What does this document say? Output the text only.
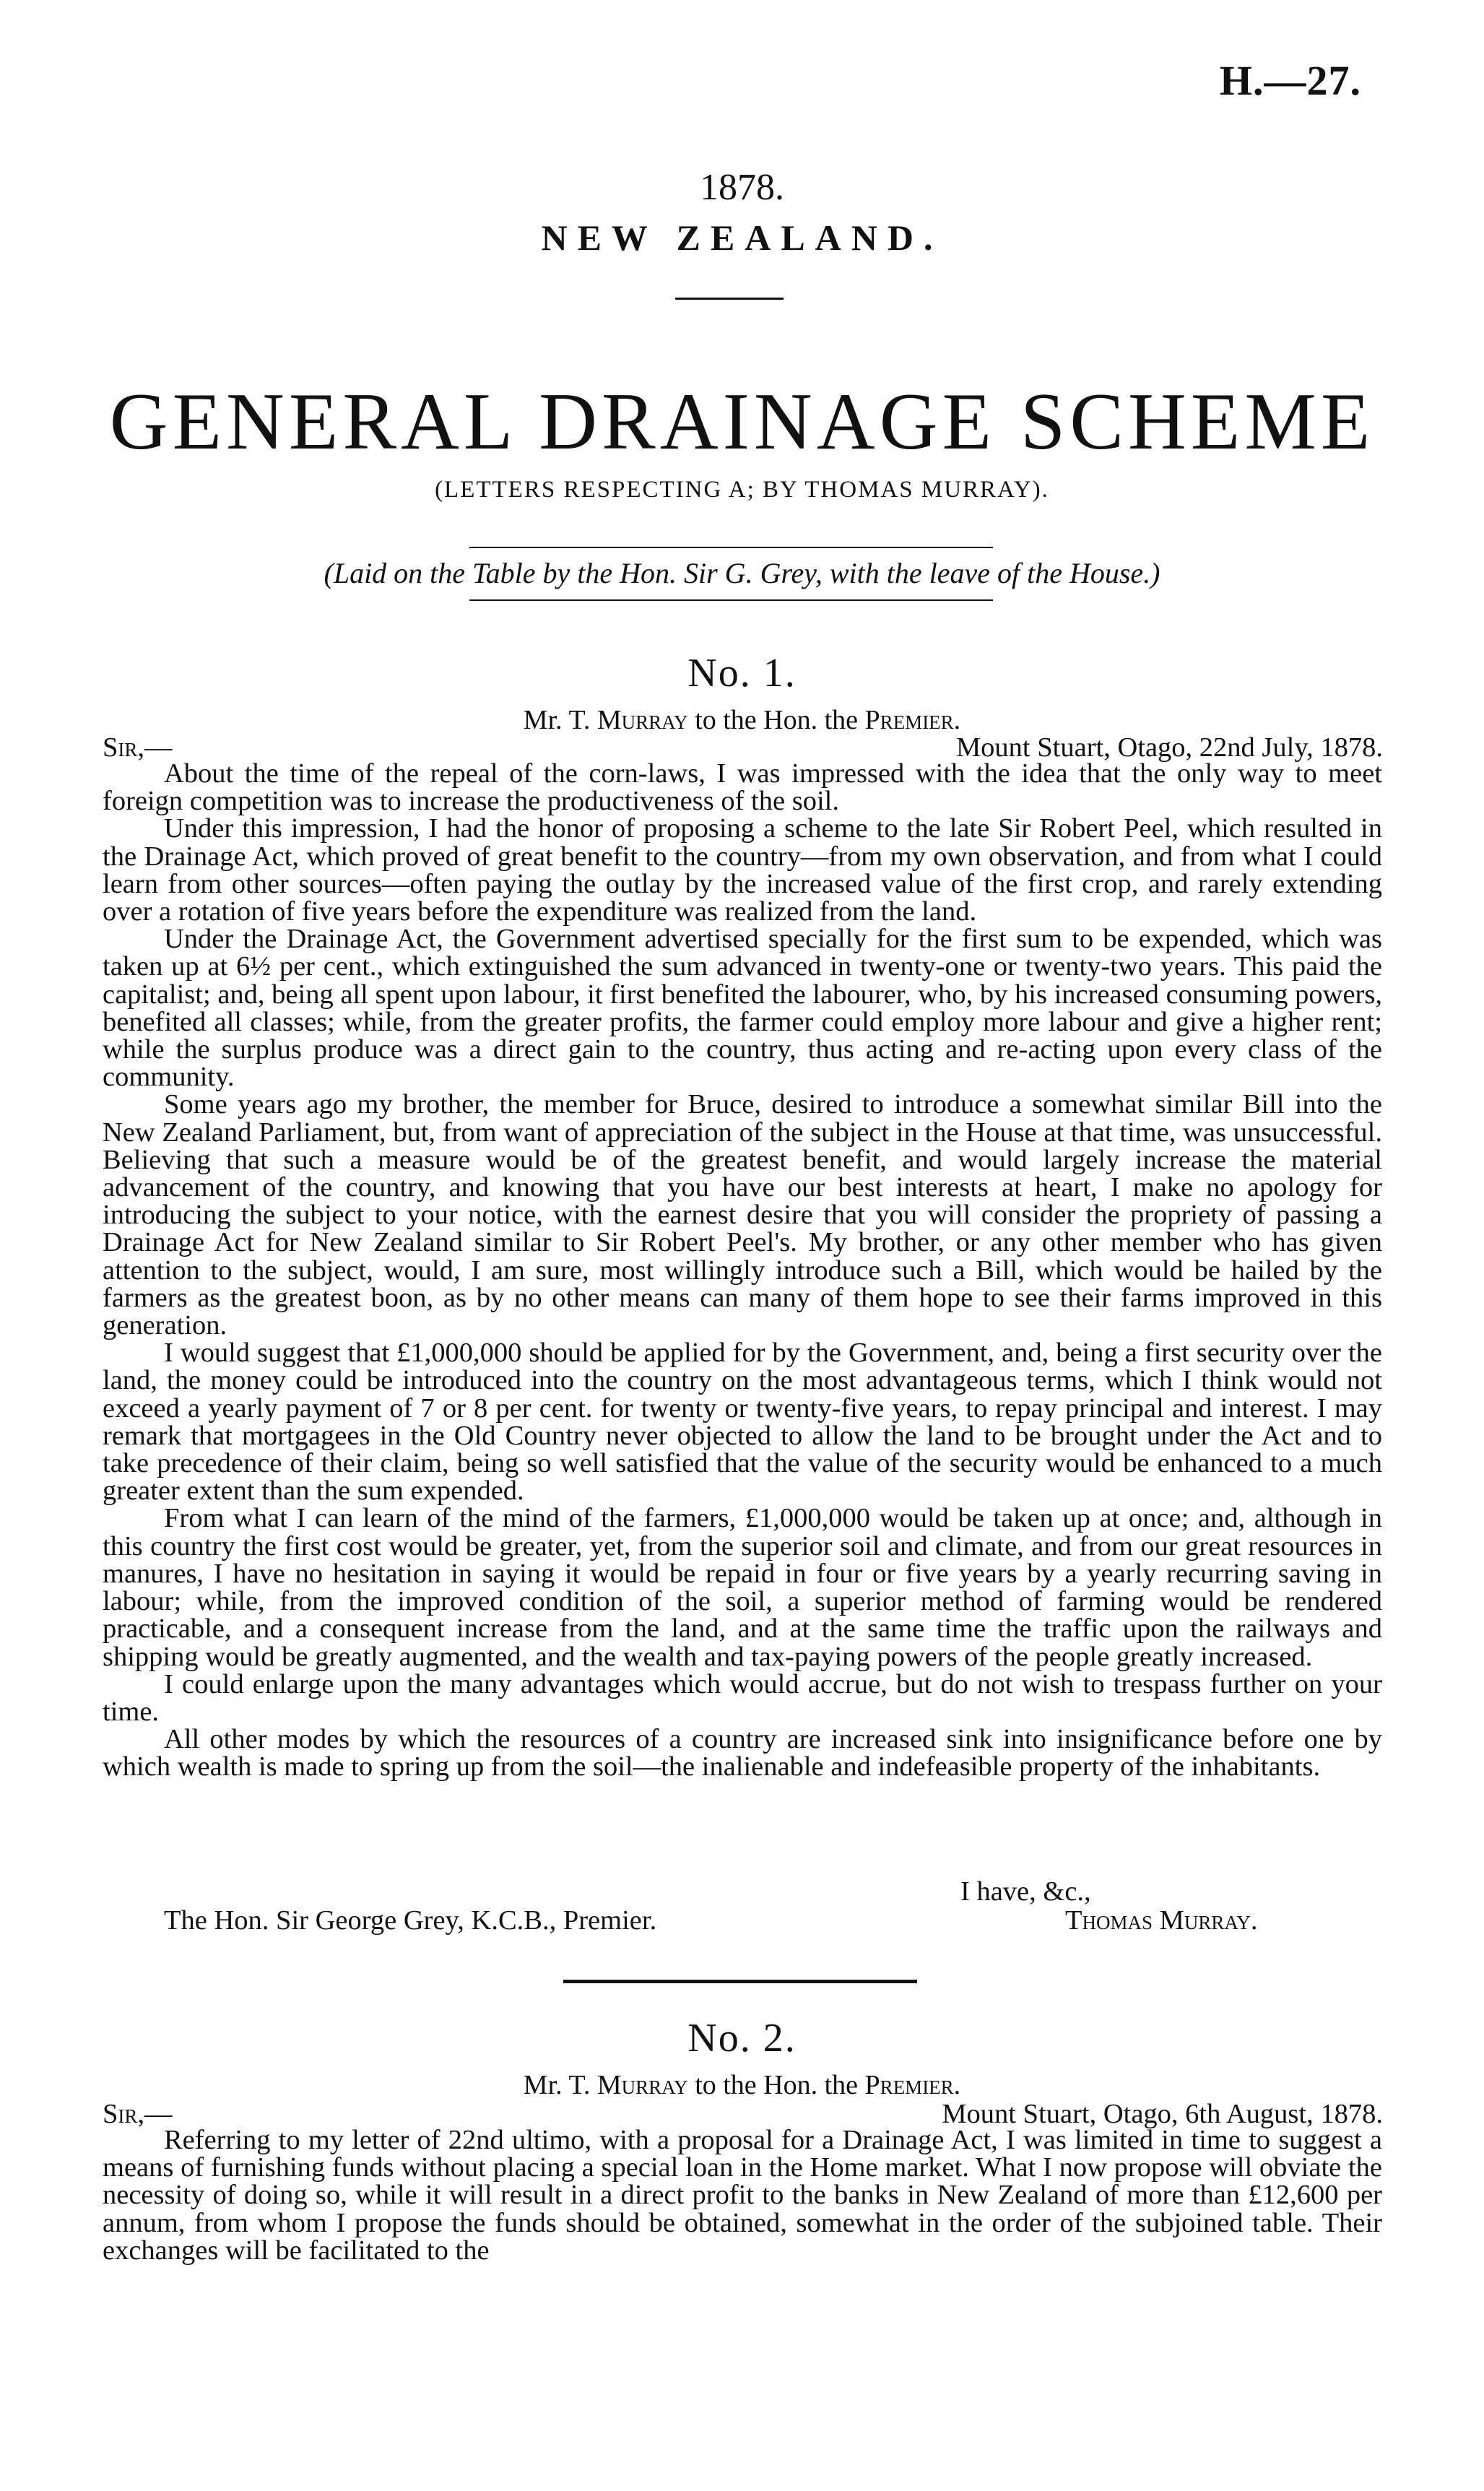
H.—27.
1878.
NEW ZEALAND.
GENERAL DRAINAGE SCHEME
(LETTERS RESPECTING A; BY THOMAS MURRAY).
(Laid on the Table by the Hon. Sir G. Grey, with the leave of the House.)
No. 1.
Mr. T. Murray to the Hon. the Premier.
Sir,—	Mount Stuart, Otago, 22nd July, 1878.

About the time of the repeal of the corn-laws, I was impressed with the idea that the only way to meet foreign competition was to increase the productiveness of the soil.

Under this impression, I had the honor of proposing a scheme to the late Sir Robert Peel, which resulted in the Drainage Act, which proved of great benefit to the country—from my own observation, and from what I could learn from other sources—often paying the outlay by the increased value of the first crop, and rarely extending over a rotation of five years before the expenditure was realized from the land.

Under the Drainage Act, the Government advertised specially for the first sum to be expended, which was taken up at 6½ per cent., which extinguished the sum advanced in twenty-one or twenty-two years. This paid the capitalist; and, being all spent upon labour, it first benefited the labourer, who, by his increased consuming powers, benefited all classes; while, from the greater profits, the farmer could employ more labour and give a higher rent; while the surplus produce was a direct gain to the country, thus acting and re-acting upon every class of the community.

Some years ago my brother, the member for Bruce, desired to introduce a somewhat similar Bill into the New Zealand Parliament, but, from want of appreciation of the subject in the House at that time, was unsuccessful. Believing that such a measure would be of the greatest benefit, and would largely increase the material advancement of the country, and knowing that you have our best interests at heart, I make no apology for introducing the subject to your notice, with the earnest desire that you will consider the propriety of passing a Drainage Act for New Zealand similar to Sir Robert Peel's. My brother, or any other member who has given attention to the subject, would, I am sure, most willingly introduce such a Bill, which would be hailed by the farmers as the greatest boon, as by no other means can many of them hope to see their farms improved in this generation.

I would suggest that £1,000,000 should be applied for by the Government, and, being a first security over the land, the money could be introduced into the country on the most advantageous terms, which I think would not exceed a yearly payment of 7 or 8 per cent. for twenty or twenty-five years, to repay principal and interest. I may remark that mortgagees in the Old Country never objected to allow the land to be brought under the Act and to take precedence of their claim, being so well satisfied that the value of the security would be enhanced to a much greater extent than the sum expended.

From what I can learn of the mind of the farmers, £1,000,000 would be taken up at once; and, although in this country the first cost would be greater, yet, from the superior soil and climate, and from our great resources in manures, I have no hesitation in saying it would be repaid in four or five years by a yearly recurring saving in labour; while, from the improved condition of the soil, a superior method of farming would be rendered practicable, and a consequent increase from the land, and at the same time the traffic upon the railways and shipping would be greatly augmented, and the wealth and tax-paying powers of the people greatly increased.

I could enlarge upon the many advantages which would accrue, but do not wish to trespass further on your time.

All other modes by which the resources of a country are increased sink into insignificance before one by which wealth is made to spring up from the soil—the inalienable and indefeasible property of the inhabitants.

I have, &c.,
The Hon. Sir George Grey, K.C.B., Premier.	Thomas Murray.
No. 2.
Mr. T. Murray to the Hon. the Premier.
Sir,—	Mount Stuart, Otago, 6th August, 1878.

Referring to my letter of 22nd ultimo, with a proposal for a Drainage Act, I was limited in time to suggest a means of furnishing funds without placing a special loan in the Home market. What I now propose will obviate the necessity of doing so, while it will result in a direct profit to the banks in New Zealand of more than £12,600 per annum, from whom I propose the funds should be obtained, somewhat in the order of the subjoined table. Their exchanges will be facilitated to the
